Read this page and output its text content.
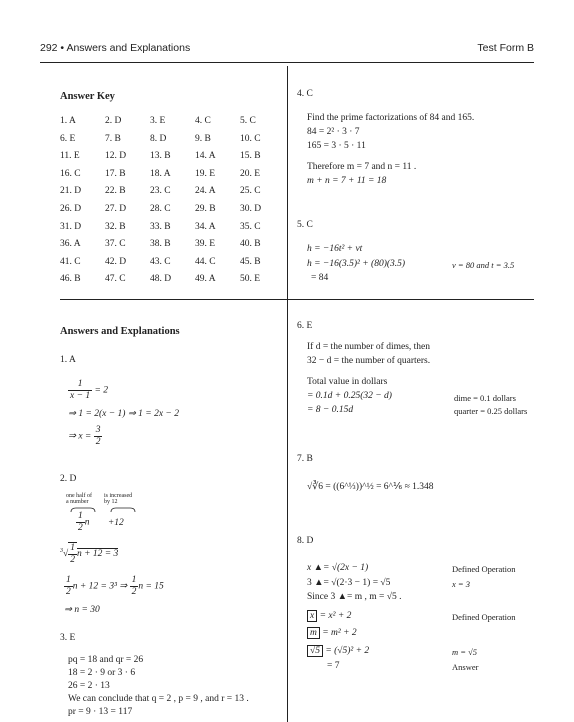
292 • Answers and Explanations	Test Form B
Answer Key
1. A	2. D	3. E	4. C	5. C
6. E	7. B	8. D	9. B	10. C
11. E	12. D	13. B	14. A	15. B
16. C	17. B	18. A	19. E	20. E
21. D	22. B	23. C	24. A	25. C
26. D	27. D	28. C	29. B	30. D
31. D	32. B	33. B	34. A	35. C
36. A	37. C	38. B	39. E	40. B
41. C	42. D	43. C	44. C	45. B
46. B	47. C	48. D	49. A	50. E
Answers and Explanations
1. A
$\frac{1}{x - 1} = 2$
⇒ 1 = 2(x − 1) ⇒ 1 = 2x − 2
⇒ $x = \frac{3}{2}$
2. D
one half of
a number
is increased
by 12
$\frac{1}{2}$ n +12
$^3√ \frac{1}{2}$ n + 12 = 3
$\frac{1}{2}$ n + 12 = 3³ ⇒ $\frac{1}{2}$ n = 15
⇒ n = 30
3. E
pq = 18 and qr = 26
18 = 2 · 9 or 3 · 6
26 = 2 · 13
We can conclude that q = 2 , p = 9 , and r = 13 .
pr = 9 · 13 = 117
4. C
Find the prime factorizations of 84 and 165.
84 = 2² · 3 · 7
165 = 3 · 5 · 11
Therefore m = 7 and n = 11 .
m + n = 7 + 11 = 18
5. C
h = −16t² + vt
h = −16(3.5)² + (80)(3.5)	v = 80 and t = 3.5
= 84
6. E
If d = the number of dimes, then
32 − d = the number of quarters.
Total value in dollars
= 0.1d + 0.25(32 − d)	dime = 0.1 dollars
= 8 − 0.15d	quarter = 0.25 dollars
7. B
√∛6 = ((6^⅓))^½ = 6^⅙ ≈ 1.348
8. D
x ▲= √(2x − 1)	Defined Operation
3 ▲= √(2·3 − 1) = √5	x = 3
Since 3 ▲= m , m = √5 .
x = x² + 2	Defined Operation
m = m² + 2
√5 = (√5)² + 2	m = √5
= 7	Answer
